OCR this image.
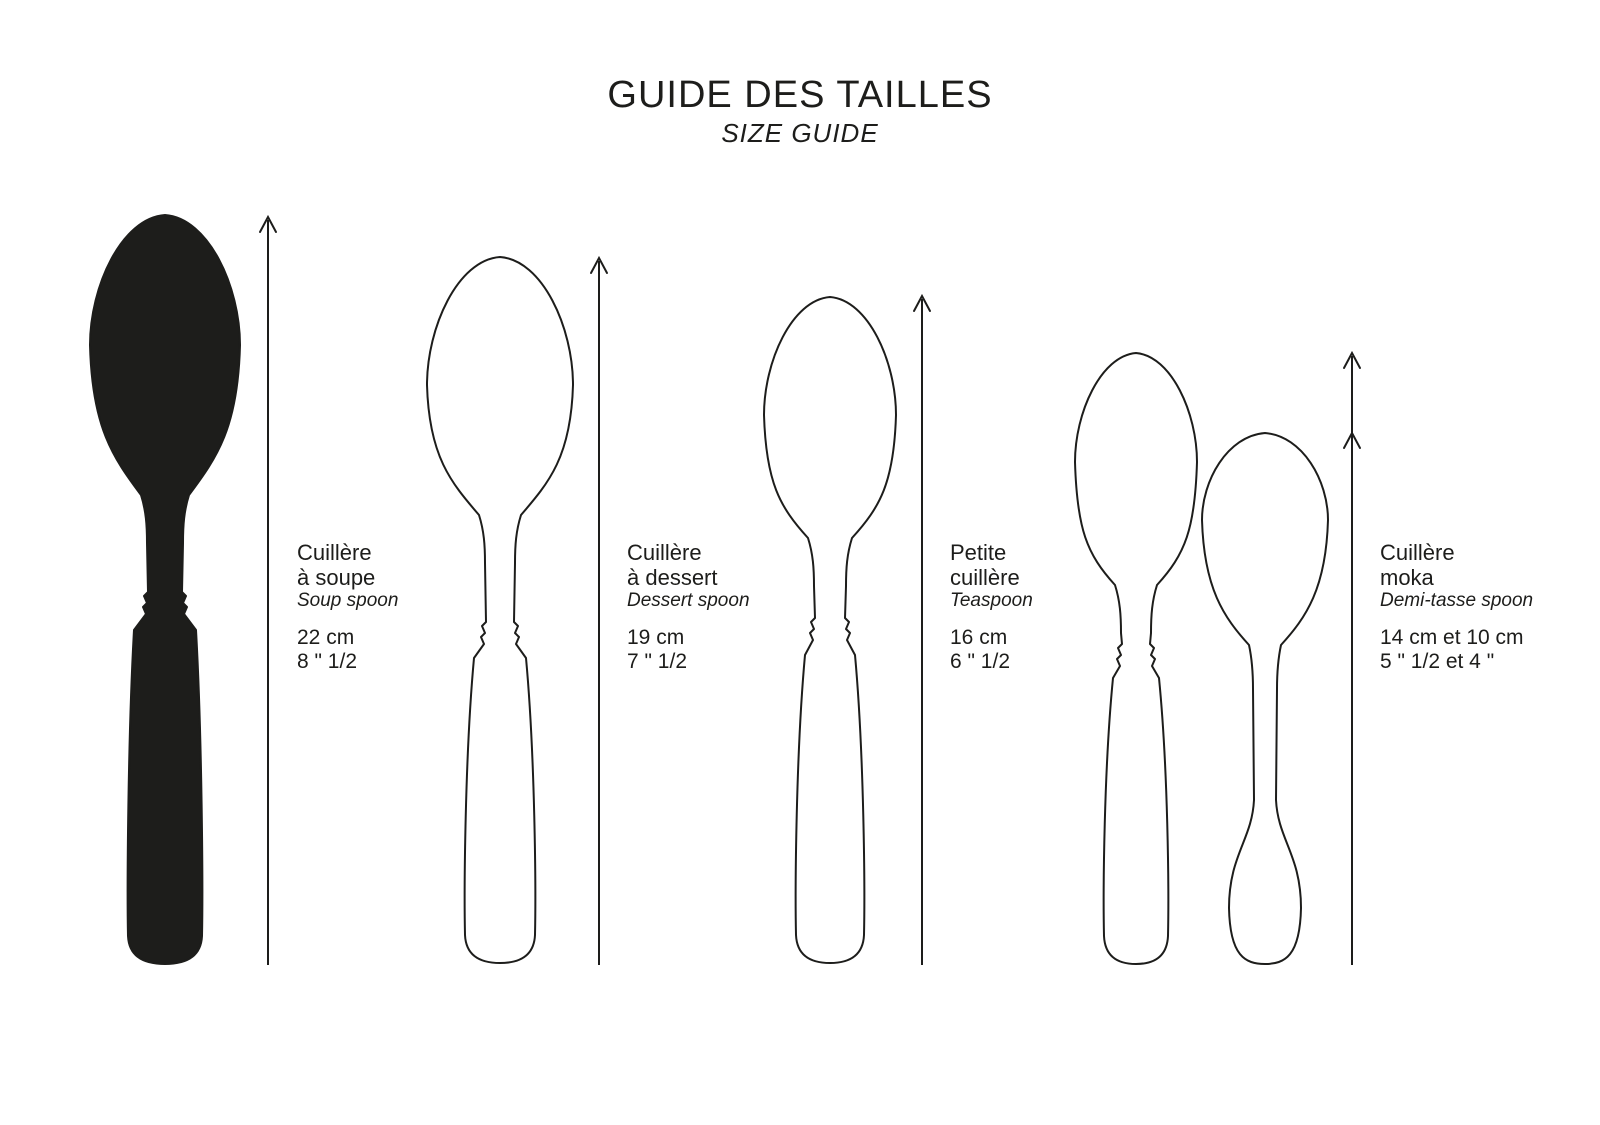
GUIDE DES TAILLES
SIZE GUIDE
Cuillère
à soupe
Soup spoon
22 cm
8 " 1/2
Cuillère
à dessert
Dessert spoon
19 cm
7 " 1/2
Petite
cuillère
Teaspoon
16 cm
6 " 1/2
Cuillère
moka
Demi-tasse spoon
14 cm et 10 cm
5 " 1/2 et 4 "
